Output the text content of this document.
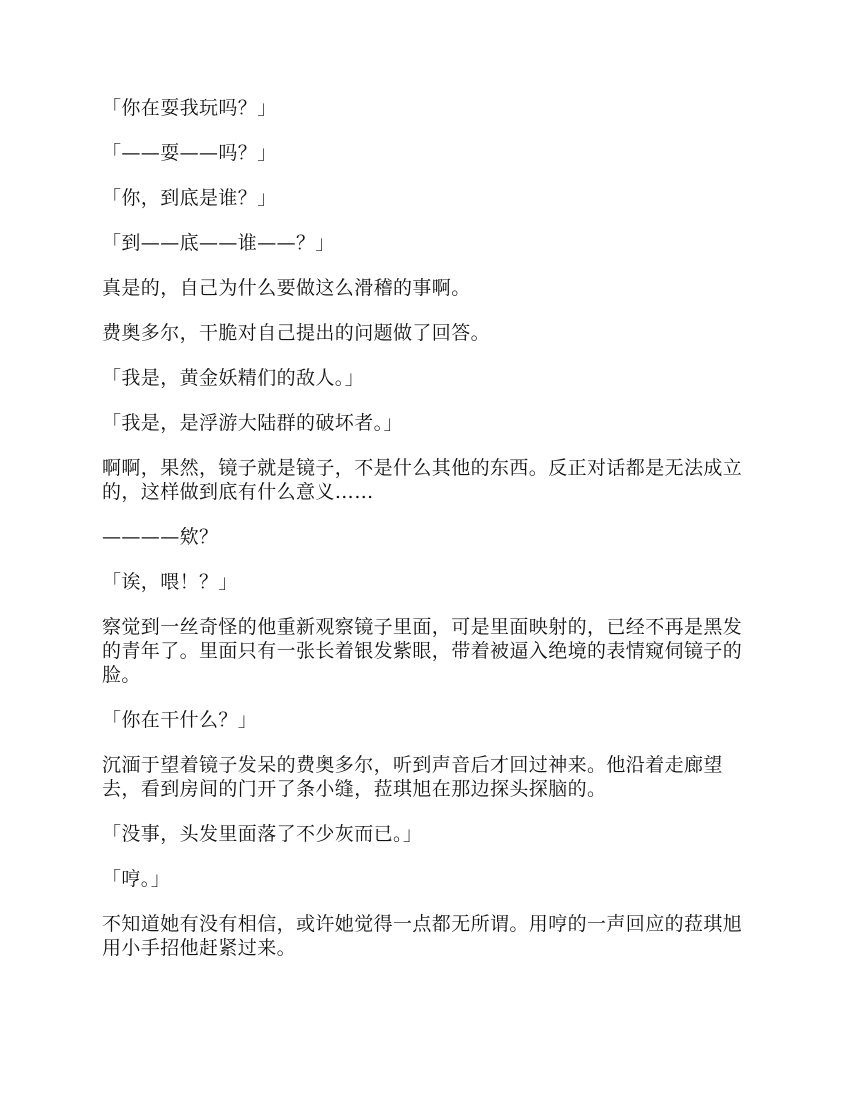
「你在耍我玩吗？」

「——耍——吗？」

「你，到底是谁？」

「到——底——谁——？」

真是的，自己为什么要做这么滑稽的事啊。

费奥多尔，干脆对自己提出的问题做了回答。

「我是，黄金妖精们的敌人。」

「我是，是浮游大陆群的破坏者。」

啊啊，果然，镜子就是镜子，不是什么其他的东西。反正对话都是无法成立的，这样做到底有什么意义……

————欸？

「诶，喂！？」

察觉到一丝奇怪的他重新观察镜子里面，可是里面映射的，已经不再是黑发的青年了。里面只有一张长着银发紫眼，带着被逼入绝境的表情窥伺镜子的脸。

「你在干什么？」

沉湎于望着镜子发呆的费奥多尔，听到声音后才回过神来。他沿着走廊望去，看到房间的门开了条小缝，菈琪旭在那边探头探脑的。

「没事，头发里面落了不少灰而已。」

「哼。」

不知道她有没有相信，或许她觉得一点都无所谓。用哼的一声回应的菈琪旭用小手招他赶紧过来。
